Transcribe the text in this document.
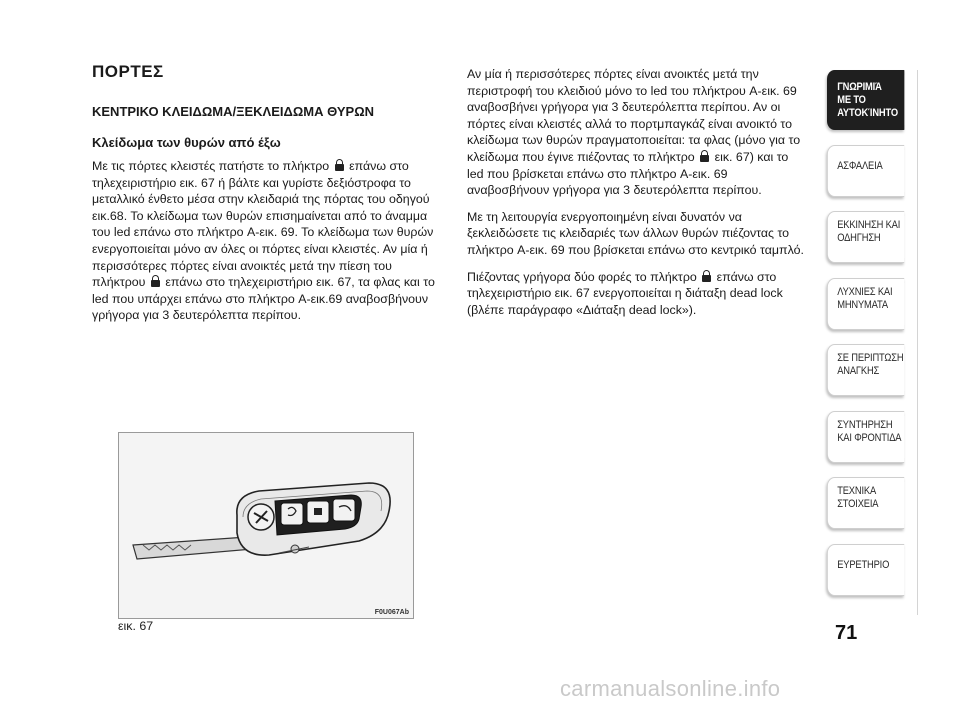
ΠΟΡΤΕΣ
ΚΕΝΤΡΙΚΟ ΚΛΕΙΔΩΜΑ/ΞΕΚΛΕΙΔΩΜΑ ΘΥΡΩΝ
Κλείδωμα των θυρών από έξω

Με τις πόρτες κλειστές πατήστε το πλήκτρο επάνω στο τηλεχειριστήριο εικ. 67 ή βάλτε και γυρίστε δεξιόστροφα το μεταλλικό ένθετο μέσα στην κλειδαριά της πόρτας του οδηγού εικ.68. Το κλείδωμα των θυρών επισημαίνεται από το άναμμα του led επάνω στο πλήκτρο A-εικ. 69. Το κλείδωμα των θυρών ενεργοποιείται μόνο αν όλες οι πόρτες είναι κλειστές. Αν μία ή περισσότερες πόρτες είναι ανοικτές μετά την πίεση του πλήκτρου επάνω στο τηλεχειριστήριο εικ. 67, τα φλας και το led που υπάρχει επάνω στο πλήκτρο A-εικ.69 αναβοσβήνουν γρήγορα για 3 δευτερόλεπτα περίπου.

Αν μία ή περισσότερες πόρτες είναι ανοικτές μετά την περιστροφή του κλειδιού μόνο το led του πλήκτρου A-εικ. 69 αναβοσβήνει γρήγορα για 3 δευτερόλεπτα περίπου. Αν οι πόρτες είναι κλειστές αλλά το πορτμπαγκάζ είναι ανοικτό το κλείδωμα των θυρών πραγματοποιείται: τα φλας (μόνο για το κλείδωμα που έγινε πιέζοντας το πλήκτρο εικ. 67) και το led που βρίσκεται επάνω στο πλήκτρο A-εικ. 69 αναβοσβήνουν γρήγορα για 3 δευτερόλεπτα περίπου.

Με τη λειτουργία ενεργοποιημένη είναι δυνατόν να ξεκλειδώσετε τις κλειδαριές των άλλων θυρών πιέζοντας το πλήκτρο A-εικ. 69 που βρίσκεται επάνω στο κεντρικό ταμπλό.

Πιέζοντας γρήγορα δύο φορές το πλήκτρο επάνω στο τηλεχειριστήριο εικ. 67 ενεργοποιείται η διάταξη dead lock (βλέπε παράγραφο «Διάταξη dead lock»).

F0U067Ab
εικ. 67
ΓΝΩΡΙΜΙΆ
ΜΕ ΤΟ
ΑΥΤΟΚΊΝΗΤΟ
ΑΣΦΑΛΕΙΑ
ΕΚΚΙΝΗΣΗ ΚΑΙ
ΟΔΗΓΗΣΗ
ΛΥΧΝΙΕΣ ΚΑΙ
ΜΗΝΥΜΑΤΑ
ΣΕ ΠΕΡΙΠΤΩΣΗ
ΑΝΑΓΚΗΣ
ΣΥΝΤΗΡΗΣΗ
ΚΑΙ ΦΡΟΝΤΙΔΑ
ΤΕΧΝΙΚΑ
ΣΤΟΙΧΕΙΑ
ΕΥΡΕΤΗΡΙΟ
71
carmanualsonline.info
